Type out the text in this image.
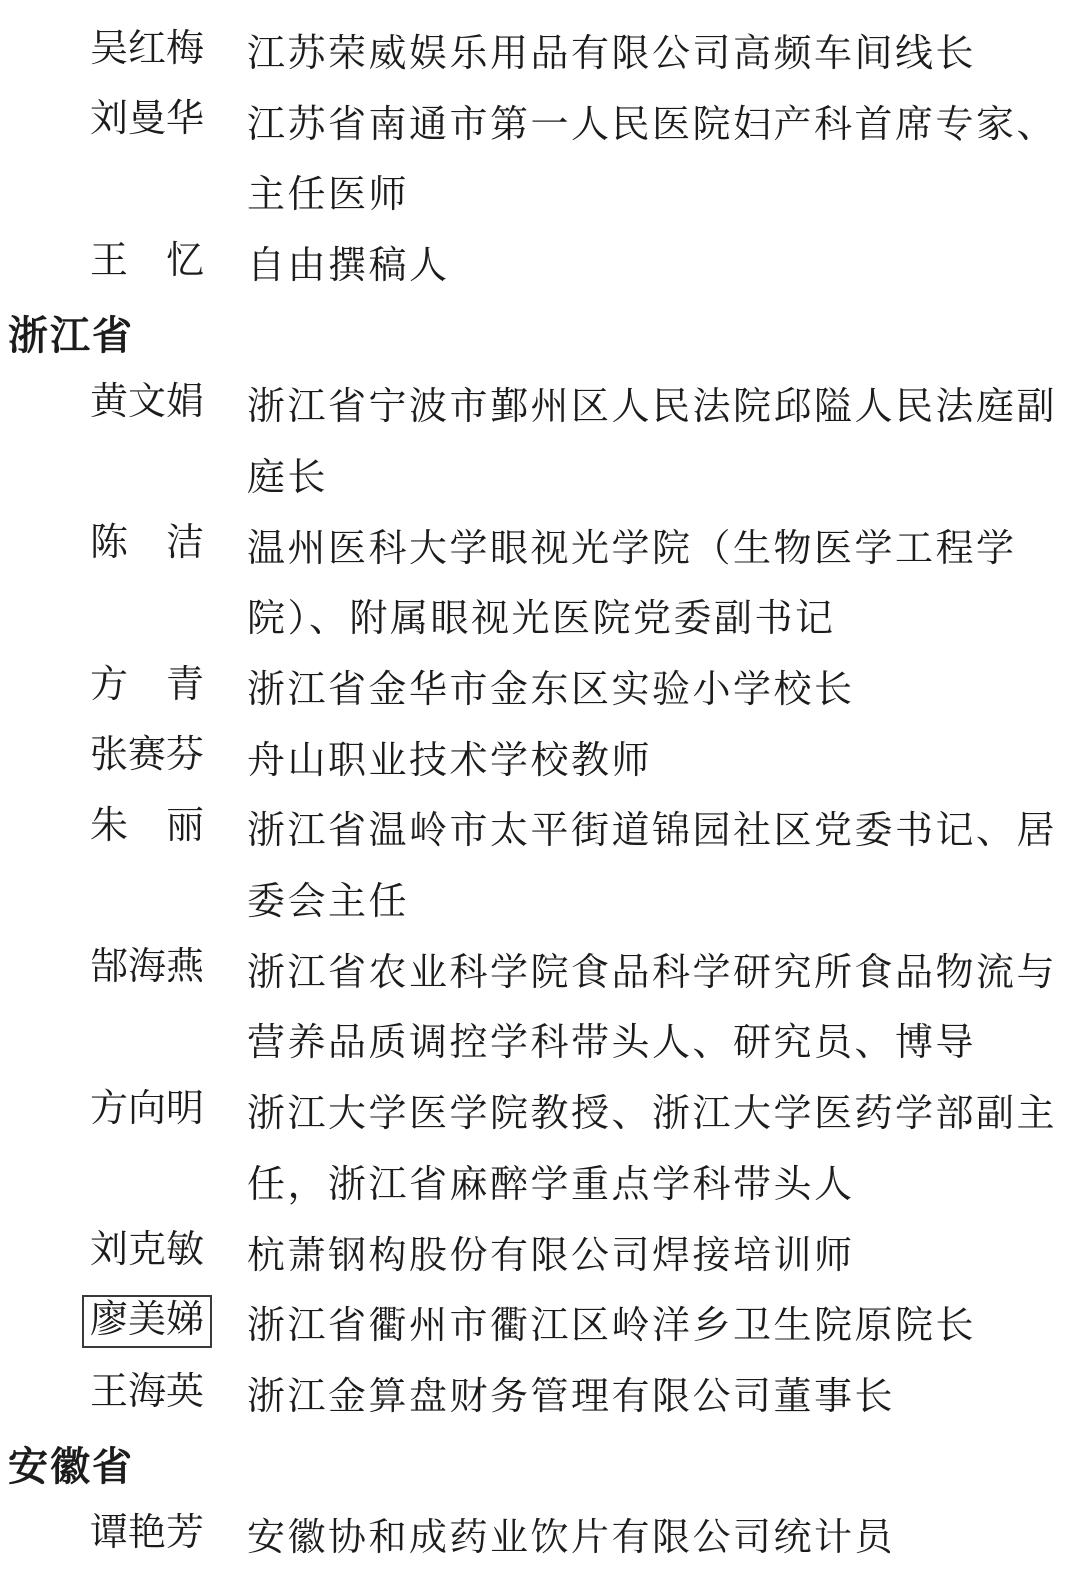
吴红梅 江苏荣威娱乐用品有限公司高频车间线长
刘曼华 江苏省南通市第一人民医院妇产科首席专家、
主任医师
王　忆 自由撰稿人
浙江省
黄文娟 浙江省宁波市鄞州区人民法院邱隘人民法庭副
庭长
陈　洁 温州医科大学眼视光学院（生物医学工程学
院）、附属眼视光医院党委副书记
方　青 浙江省金华市金东区实验小学校长
张赛芬 舟山职业技术学校教师
朱　丽 浙江省温岭市太平街道锦园社区党委书记、居
委会主任
郜海燕 浙江省农业科学院食品科学研究所食品物流与
营养品质调控学科带头人、研究员、博导
方向明 浙江大学医学院教授、浙江大学医药学部副主
任，浙江省麻醉学重点学科带头人
刘克敏 杭萧钢构股份有限公司焊接培训师
廖美娣 浙江省衢州市衢江区岭洋乡卫生院原院长
王海英 浙江金算盘财务管理有限公司董事长
安徽省
谭艳芳 安徽协和成药业饮片有限公司统计员
